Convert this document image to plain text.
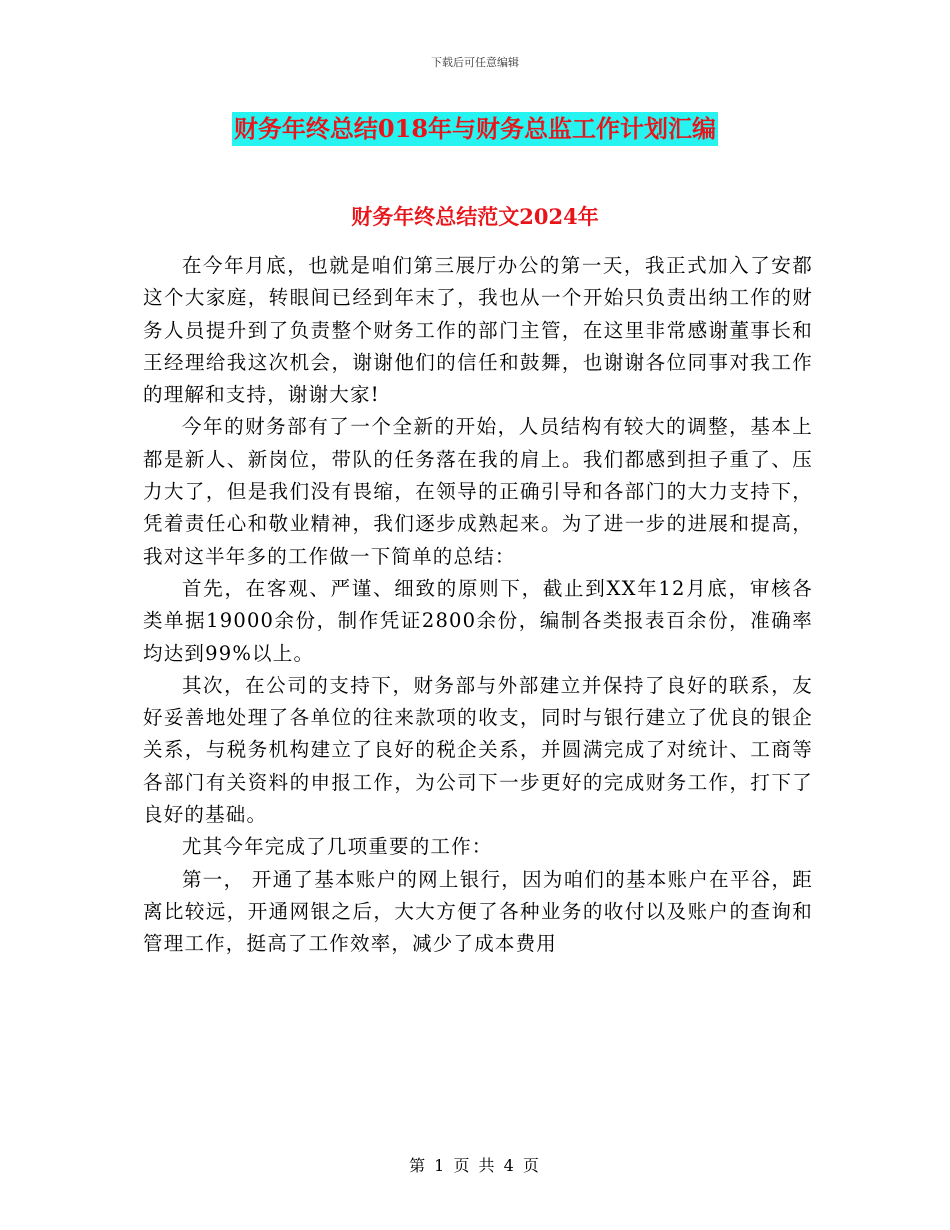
下载后可任意编辑
财务年终总结018年与财务总监工作计划汇编
财务年终总结范文2024年

在今年月底，也就是咱们第三展厅办公的第一天，我正式加入了安都这个大家庭，转眼间已经到年末了，我也从一个开始只负责出纳工作的财务人员提升到了负责整个财务工作的部门主管，在这里非常感谢董事长和王经理给我这次机会，谢谢他们的信任和鼓舞，也谢谢各位同事对我工作的理解和支持，谢谢大家!

今年的财务部有了一个全新的开始，人员结构有较大的调整，基本上都是新人、新岗位，带队的任务落在我的肩上。我们都感到担子重了、压力大了，但是我们没有畏缩，在领导的正确引导和各部门的大力支持下，凭着责任心和敬业精神，我们逐步成熟起来。为了进一步的进展和提高，我对这半年多的工作做一下简单的总结：

首先，在客观、严谨、细致的原则下，截止到XX年12月底，审核各类单据19000余份，制作凭证2800余份，编制各类报表百余份，准确率均达到99%以上。

其次，在公司的支持下，财务部与外部建立并保持了良好的联系，友好妥善地处理了各单位的往来款项的收支，同时与银行建立了优良的银企关系，与税务机构建立了良好的税企关系，并圆满完成了对统计、工商等各部门有关资料的申报工作，为公司下一步更好的完成财务工作，打下了良好的基础。

尤其今年完成了几项重要的工作：

第一， 开通了基本账户的网上银行，因为咱们的基本账户在平谷，距离比较远，开通网银之后，大大方便了各种业务的收付以及账户的查询和管理工作，挺高了工作效率，减少了成本费用

第 1 页 共 4 页
